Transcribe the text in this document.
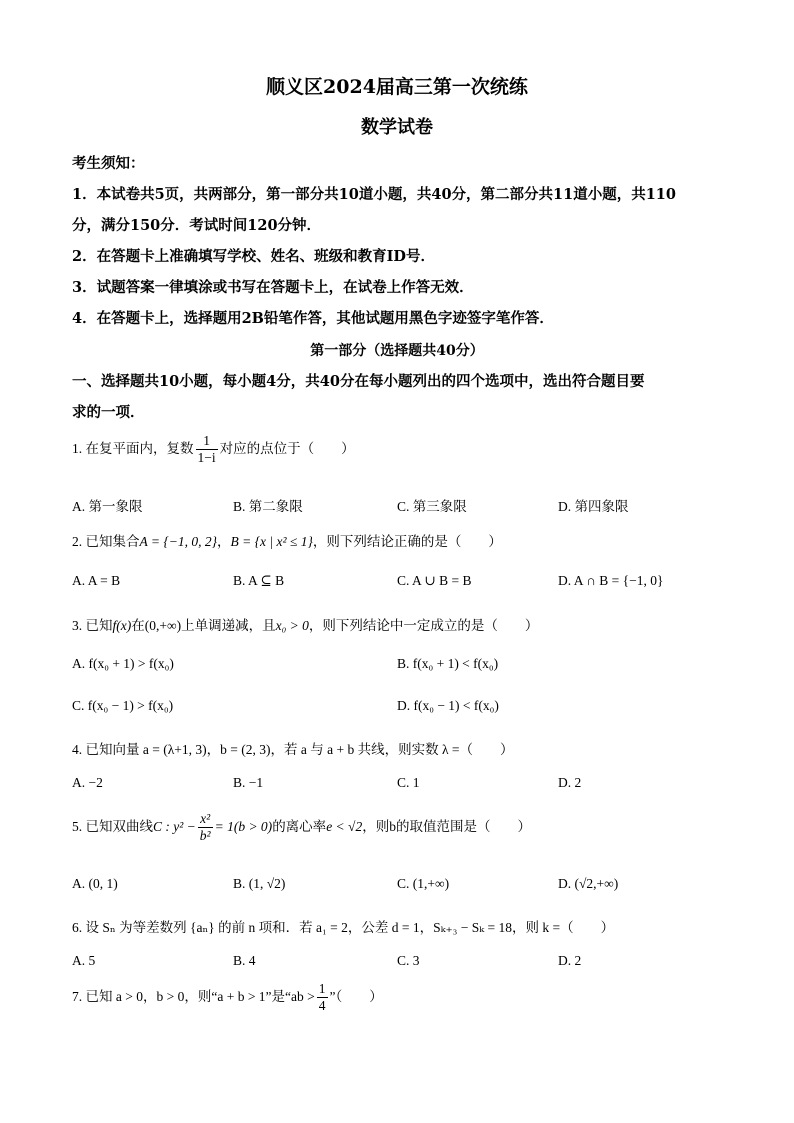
顺义区2024届高三第一次统练
数学试卷
考生须知：
1．本试卷共5页，共两部分，第一部分共10道小题，共40分，第二部分共11道小题，共110
分，满分150分．考试时间120分钟．
2．在答题卡上准确填写学校、姓名、班级和教育ID号．
3．试题答案一律填涂或书写在答题卡上，在试卷上作答无效．
4．在答题卡上，选择题用2B铅笔作答，其他试题用黑色字迹签字笔作答．
第一部分（选择题共40分）
一、选择题共10小题，每小题4分，共40分在每小题列出的四个选项中，选出符合题目要
求的一项．
1. 在复平面内，复数 $\frac{1}{1-i}$ 对应的点位于（　　）
A. 第一象限	B. 第二象限	C. 第三象限	D. 第四象限
2. 已知集合A = {−1, 0, 2}，B = {x | x² ≤ 1}，则下列结论正确的是（　　）
A. A = B	B. A ⊆ B	C. A ∪ B = B	D. A ∩ B = {−1, 0}
3. 已知f(x)在(0,+∞)上单调递减，且x₀ > 0，则下列结论中一定成立的是（　　）
A. f(x₀ + 1) > f(x₀)	B. f(x₀ + 1) < f(x₀)
C. f(x₀ − 1) > f(x₀)	D. f(x₀ − 1) < f(x₀)
4. 已知向量 a = (λ+1, 3)，b = (2, 3)，若 a 与 a + b 共线，则实数 λ =（　　）
A. −2	B. −1	C. 1	D. 2
5. 已知双曲线C : $y^2 - \frac{\text{x²}}{\text{b²}} = 1(b > 0)$的离心率e < √2，则b的取值范围是（　　）
A. (0, 1)	B. (1, √2)	C. (1,+∞)	D. (√2,+∞)
6. 设 Sₙ 为等差数列 {aₙ} 的前 n 项和．若 a₁ = 2，公差 d = 1，Sₖ₊₃ − Sₖ = 18，则 k =（　　）
A. 5	B. 4	C. 3	D. 2
7. 已知 a > 0，b > 0，则“a + b > 1”是“ab > $\frac{1}{4}$ ”（　　）
